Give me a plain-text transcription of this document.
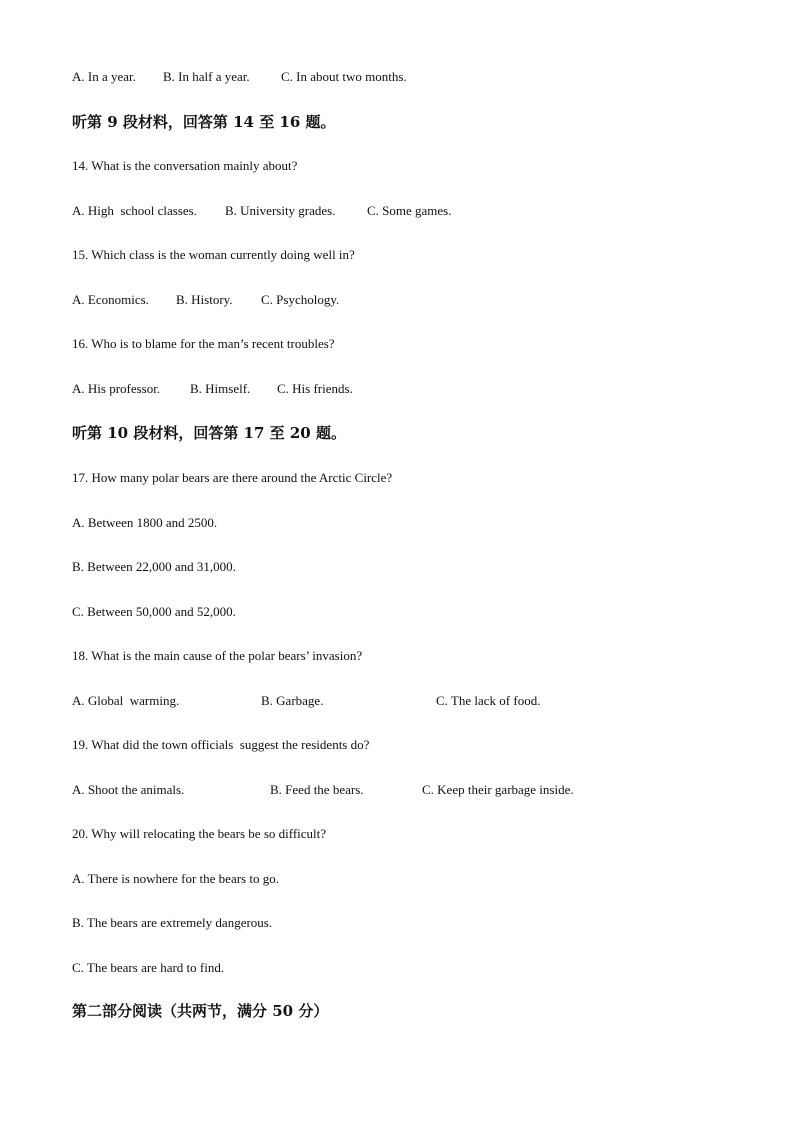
A. In a year. B. In half a year. C. In about two months.
听第 9 段材料，回答第 14 至 16 题。
14. What is the conversation mainly about?
A. High  school classes. B. University grades. C. Some games.
15. Which class is the woman currently doing well in?
A. Economics. B. History. C. Psychology.
16. Who is to blame for the man’s recent troubles?
A. His professor. B. Himself. C. His friends.
听第 10 段材料，回答第 17 至 20 题。
17. How many polar bears are there around the Arctic Circle?
A. Between 1800 and 2500.
B. Between 22,000 and 31,000.
C. Between 50,000 and 52,000.
18. What is the main cause of the polar bears’ invasion?
A. Global  warming.	B. Garbage.	C. The lack of food.
19. What did the town officials  suggest the residents do?
A. Shoot the animals.	B. Feed the bears.	C. Keep their garbage inside.
20. Why will relocating the bears be so difficult?
A. There is nowhere for the bears to go.
B. The bears are extremely dangerous.
C. The bears are hard to find.
第二部分阅读（共两节，满分 50 分）
